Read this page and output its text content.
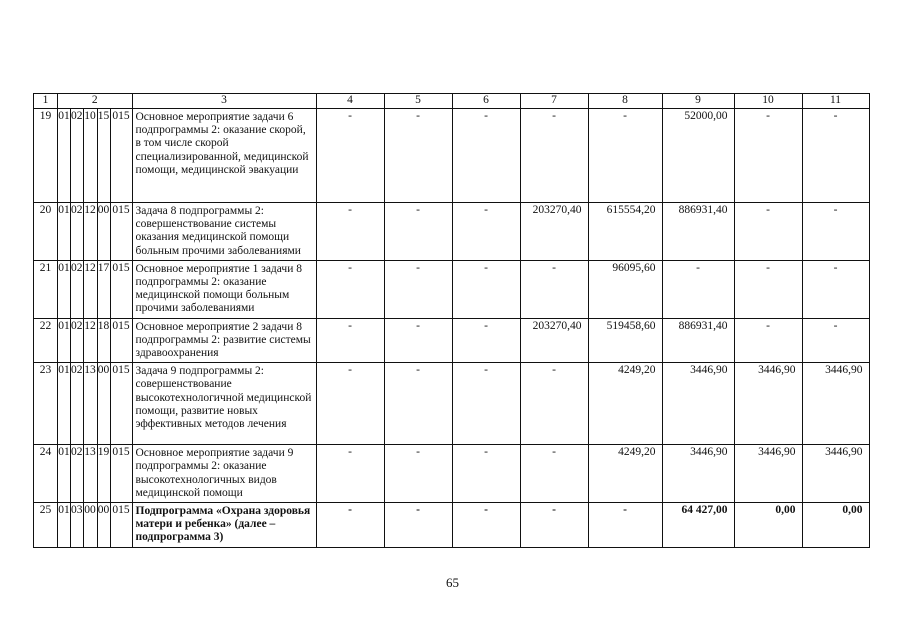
1	2					3	4	5	6	7	8	9	10	11
19	01	02	10	15	015	Основное мероприятие задачи 6 подпрограммы 2: оказание скорой, в том числе скорой специализированной, медицинской помощи, медицинской эвакуации	-	-	-	-	-	52000,00	-	-
20	01	02	12	00	015	Задача 8 подпрограммы 2: совершенствование системы оказания медицинской помощи больным прочими заболеваниями	-	-	-	203270,40	615554,20	886931,40	-	-
21	01	02	12	17	015	Основное мероприятие 1 задачи 8 подпрограммы 2: оказание медицинской помощи больным прочими заболеваниями	-	-	-	-	96095,60	-	-	-
22	01	02	12	18	015	Основное мероприятие 2 задачи 8 подпрограммы 2: развитие системы здравоохранения	-	-	-	203270,40	519458,60	886931,40	-	-
23	01	02	13	00	015	Задача 9 подпрограммы 2: совершенствование высокотехнологичной медицинской помощи, развитие новых эффективных методов лечения	-	-	-	-	4249,20	3446,90	3446,90	3446,90
24	01	02	13	19	015	Основное мероприятие задачи 9 подпрограммы 2: оказание высокотехнологичных видов медицинской помощи	-	-	-	-	4249,20	3446,90	3446,90	3446,90
25	01	03	00	00	015	Подпрограмма «Охрана здоровья матери и ребенка» (далее – подпрограмма 3)	-	-	-	-	-	64 427,00	0,00	0,00
65
